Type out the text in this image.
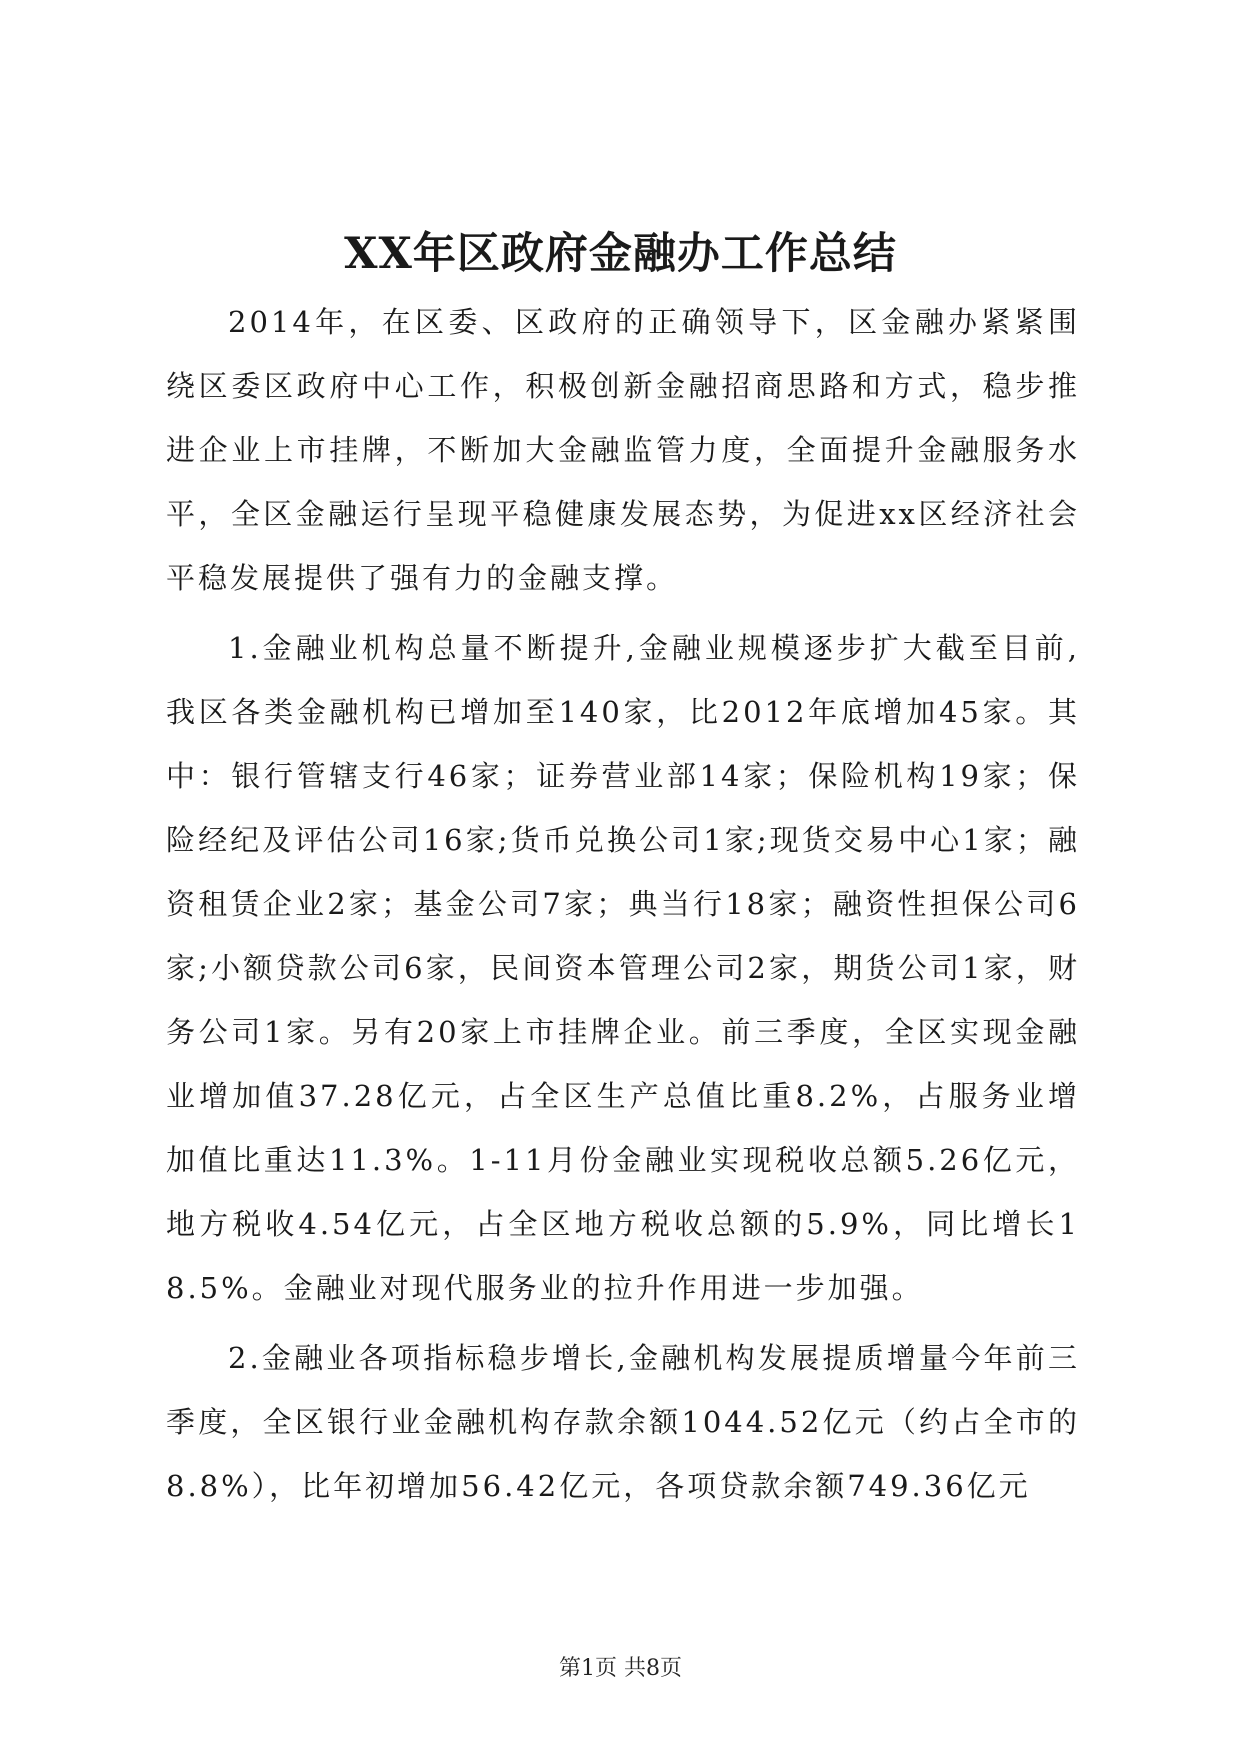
XX年区政府金融办工作总结

2014年，在区委、区政府的正确领导下，区金融办紧紧围绕区委区政府中心工作，积极创新金融招商思路和方式，稳步推进企业上市挂牌，不断加大金融监管力度，全面提升金融服务水平，全区金融运行呈现平稳健康发展态势，为促进xx区经济社会平稳发展提供了强有力的金融支撑。

1.金融业机构总量不断提升,金融业规模逐步扩大截至目前,我区各类金融机构已增加至140家，比2012年底增加45家。其中：银行管辖支行46家；证券营业部14家；保险机构19家；保险经纪及评估公司16家;货币兑换公司1家;现货交易中心1家；融资租赁企业2家；基金公司7家；典当行18家；融资性担保公司6家;小额贷款公司6家，民间资本管理公司2家，期货公司1家，财务公司1家。另有20家上市挂牌企业。前三季度，全区实现金融业增加值37.28亿元，占全区生产总值比重8.2%，占服务业增加值比重达11.3%。1-11月份金融业实现税收总额5.26亿元，地方税收4.54亿元，占全区地方税收总额的5.9%，同比增长18.5%。金融业对现代服务业的拉升作用进一步加强。

2.金融业各项指标稳步增长,金融机构发展提质增量今年前三季度，全区银行业金融机构存款余额1044.52亿元（约占全市的8.8%），比年初增加56.42亿元，各项贷款余额749.36亿元

第1页 共8页
